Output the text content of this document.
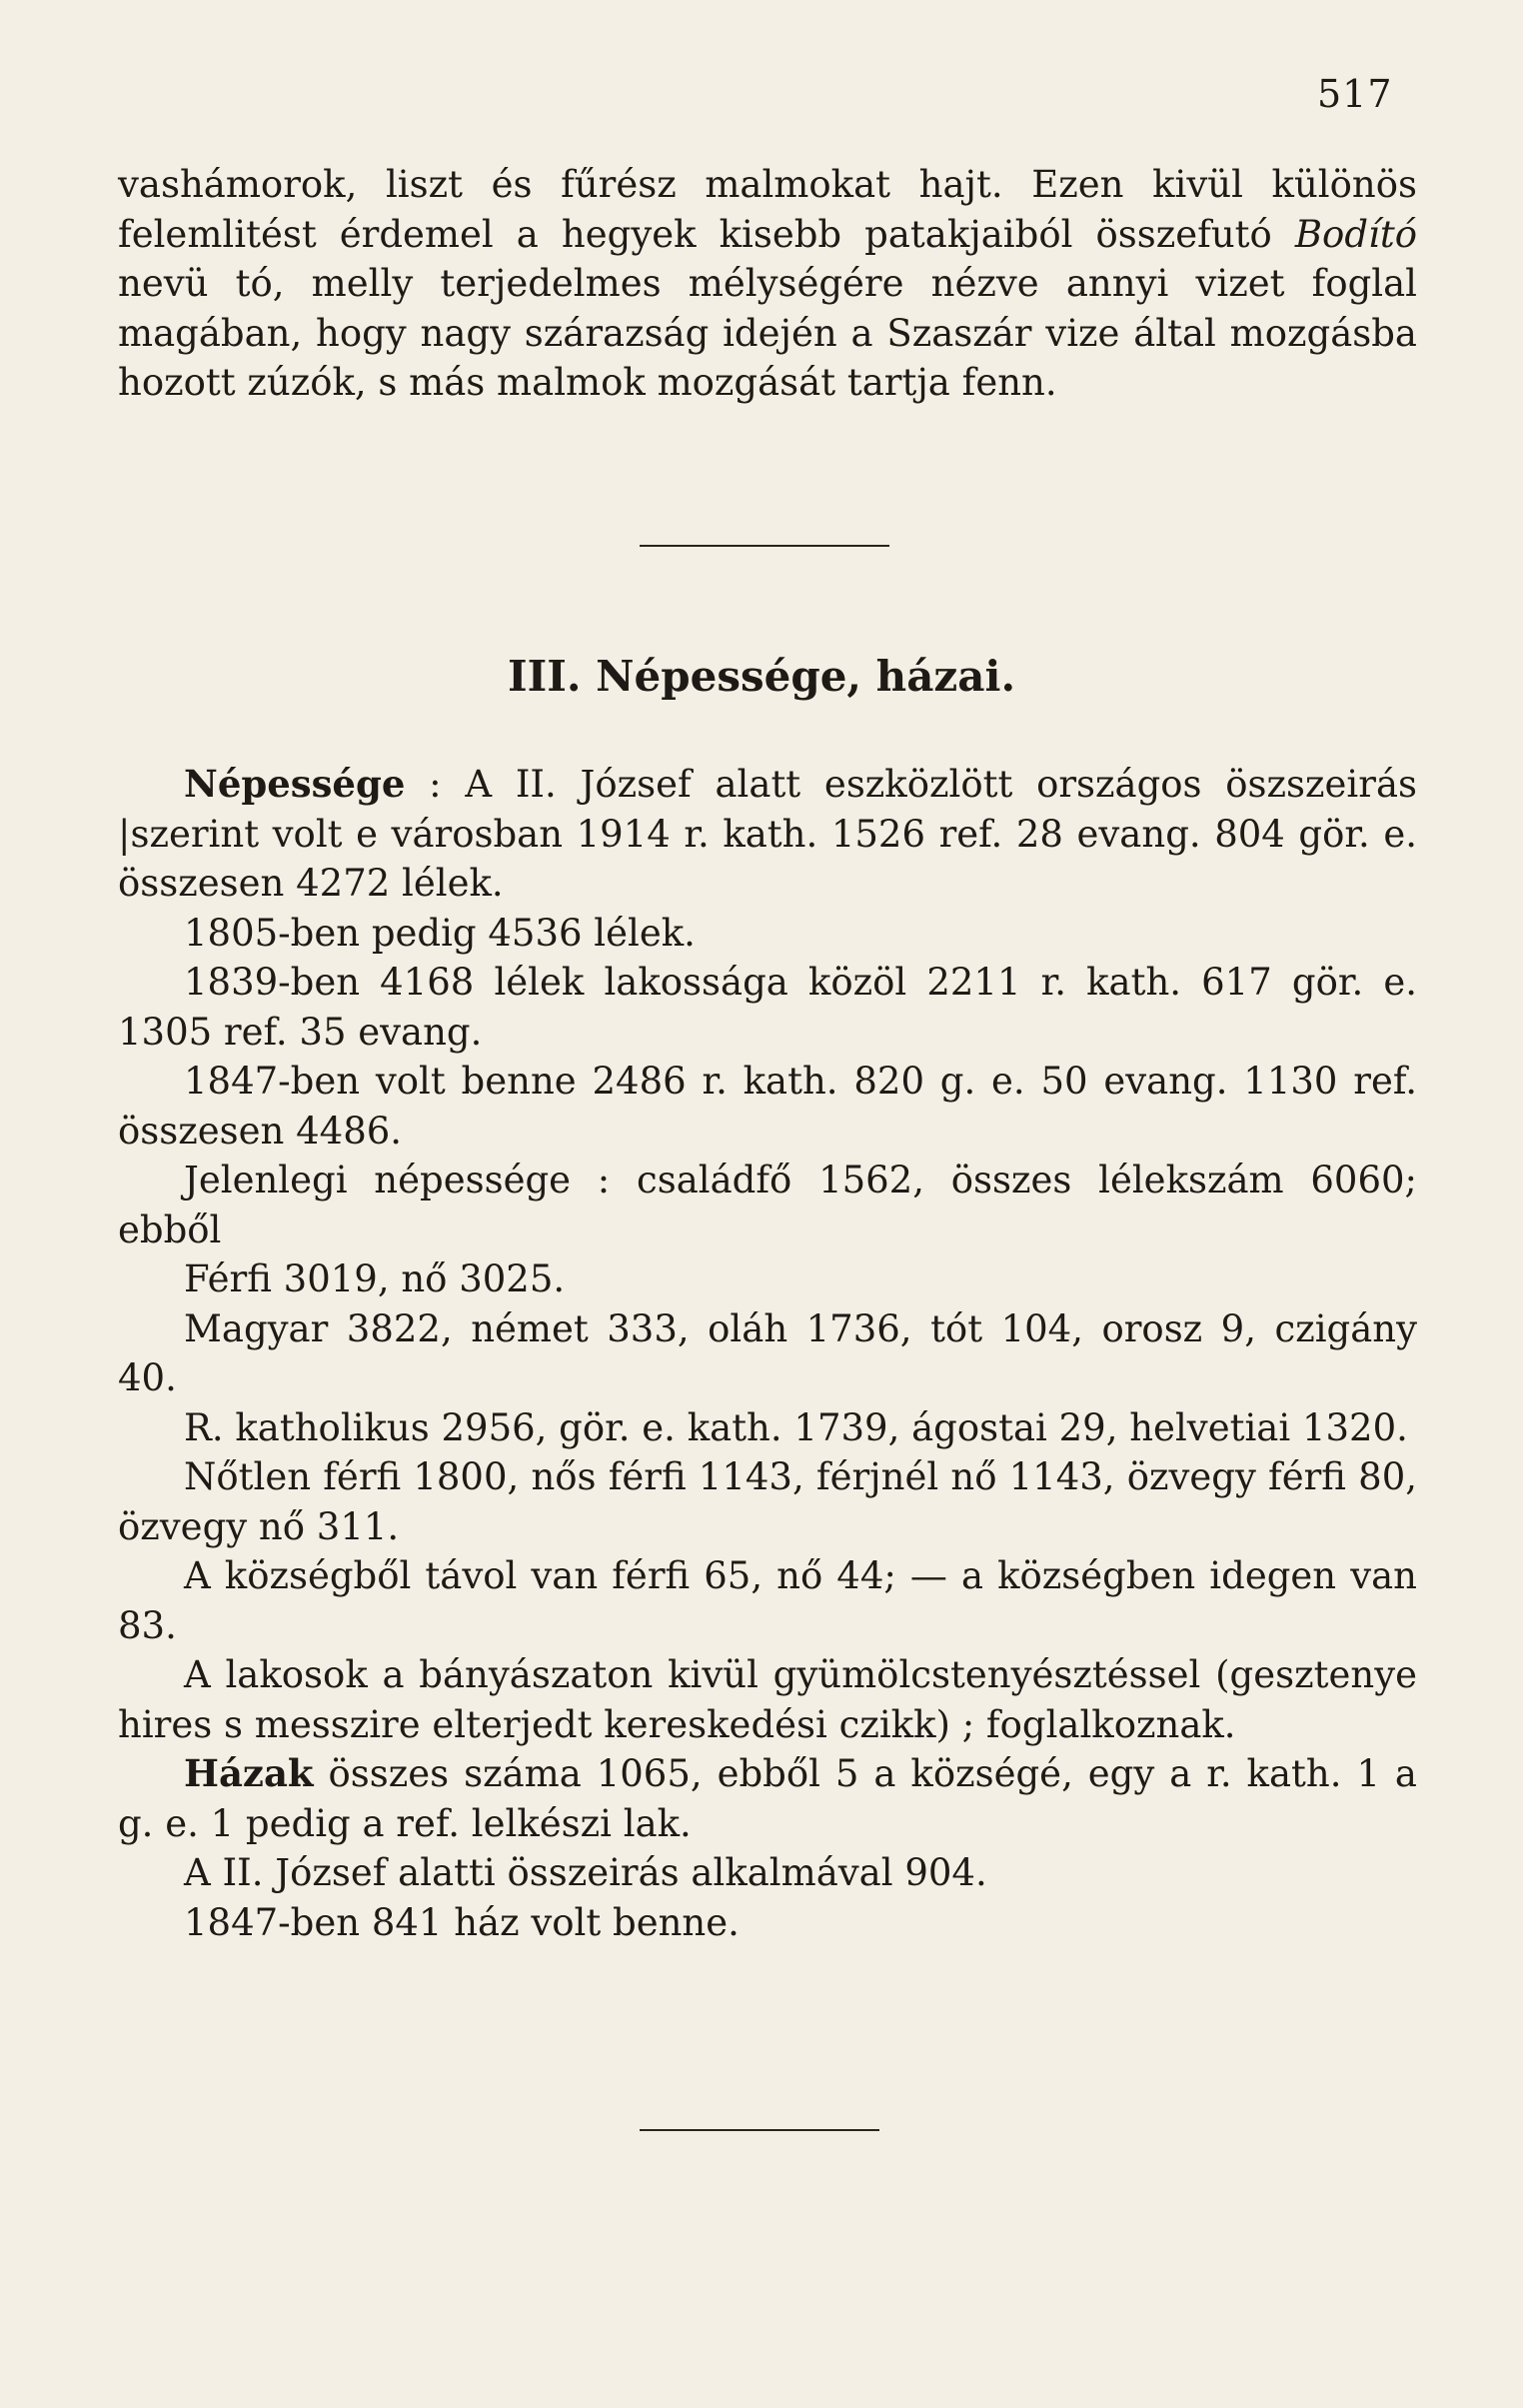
517

vashámorok, liszt és fűrész malmokat hajt. Ezen kivül különös felemlitést érdemel a hegyek kisebb patakjaiból összefutó Bodító nevü tó, melly terjedelmes mélységére nézve annyi vizet foglal magában, hogy nagy szárazság idején a Szaszár vize által mozgásba hozott zúzók, s más malmok mozgását tartja fenn.

III. Népessége, házai.

Népessége : A II. József alatt eszközlött országos öszszeirás |szerint volt e városban 1914 r. kath. 1526 ref. 28 evang. 804 gör. e. összesen 4272 lélek.

1805-ben pedig 4536 lélek.

1839-ben 4168 lélek lakossága közöl 2211 r. kath. 617 gör. e. 1305 ref. 35 evang.

1847-ben volt benne 2486 r. kath. 820 g. e. 50 evang. 1130 ref. összesen 4486.

Jelenlegi népessége : családfő 1562, összes lélekszám 6060; ebből

Férfi 3019, nő 3025.

Magyar 3822, német 333, oláh 1736, tót 104, orosz 9, czigány 40.

R. katholikus 2956, gör. e. kath. 1739, ágostai 29, helvetiai 1320.

Nőtlen férfi 1800, nős férfi 1143, férjnél nő 1143, özvegy férfi 80, özvegy nő 311.

A községből távol van férfi 65, nő 44; — a községben idegen van 83.

A lakosok a bányászaton kivül gyümölcstenyésztéssel (gesztenye hires s messzire elterjedt kereskedési czikk) ; foglalkoznak.

Házak összes száma 1065, ebből 5 a községé, egy a r. kath. 1 a g. e. 1 pedig a ref. lelkészi lak.

A II. József alatti összeirás alkalmával 904.

1847-ben 841 ház volt benne.
